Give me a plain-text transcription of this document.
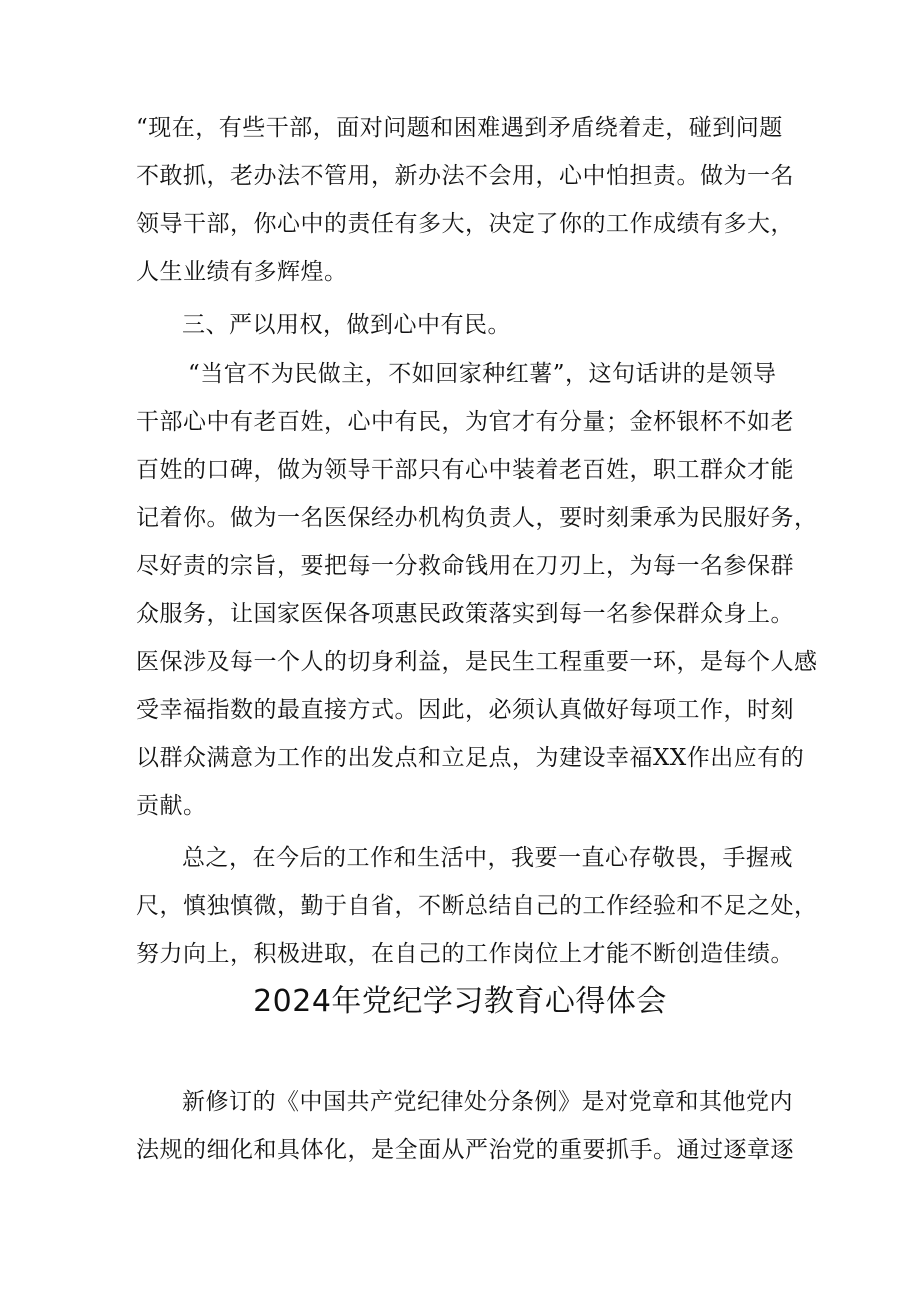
“现在，有些干部，面对问题和困难遇到矛盾绕着走，碰到问题
不敢抓，老办法不管用，新办法不会用，心中怕担责。做为一名
领导干部，你心中的责任有多大，决定了你的工作成绩有多大，
人生业绩有多辉煌。
三、严以用权，做到心中有民。
“当官不为民做主，不如回家种红薯”，这句话讲的是领导
干部心中有老百姓，心中有民，为官才有分量；金杯银杯不如老
百姓的口碑，做为领导干部只有心中装着老百姓，职工群众才能
记着你。做为一名医保经办机构负责人，要时刻秉承为民服好务，
尽好责的宗旨，要把每一分救命钱用在刀刃上，为每一名参保群
众服务，让国家医保各项惠民政策落实到每一名参保群众身上。
医保涉及每一个人的切身利益，是民生工程重要一环，是每个人感
受幸福指数的最直接方式。因此，必须认真做好每项工作，时刻
以群众满意为工作的出发点和立足点，为建设幸福XX作出应有的
贡献。
总之，在今后的工作和生活中，我要一直心存敬畏，手握戒
尺，慎独慎微，勤于自省，不断总结自己的工作经验和不足之处，
努力向上，积极进取，在自己的工作岗位上才能不断创造佳绩。
2024年党纪学习教育心得体会
新修订的《中国共产党纪律处分条例》是对党章和其他党内
法规的细化和具体化，是全面从严治党的重要抓手。通过逐章逐
